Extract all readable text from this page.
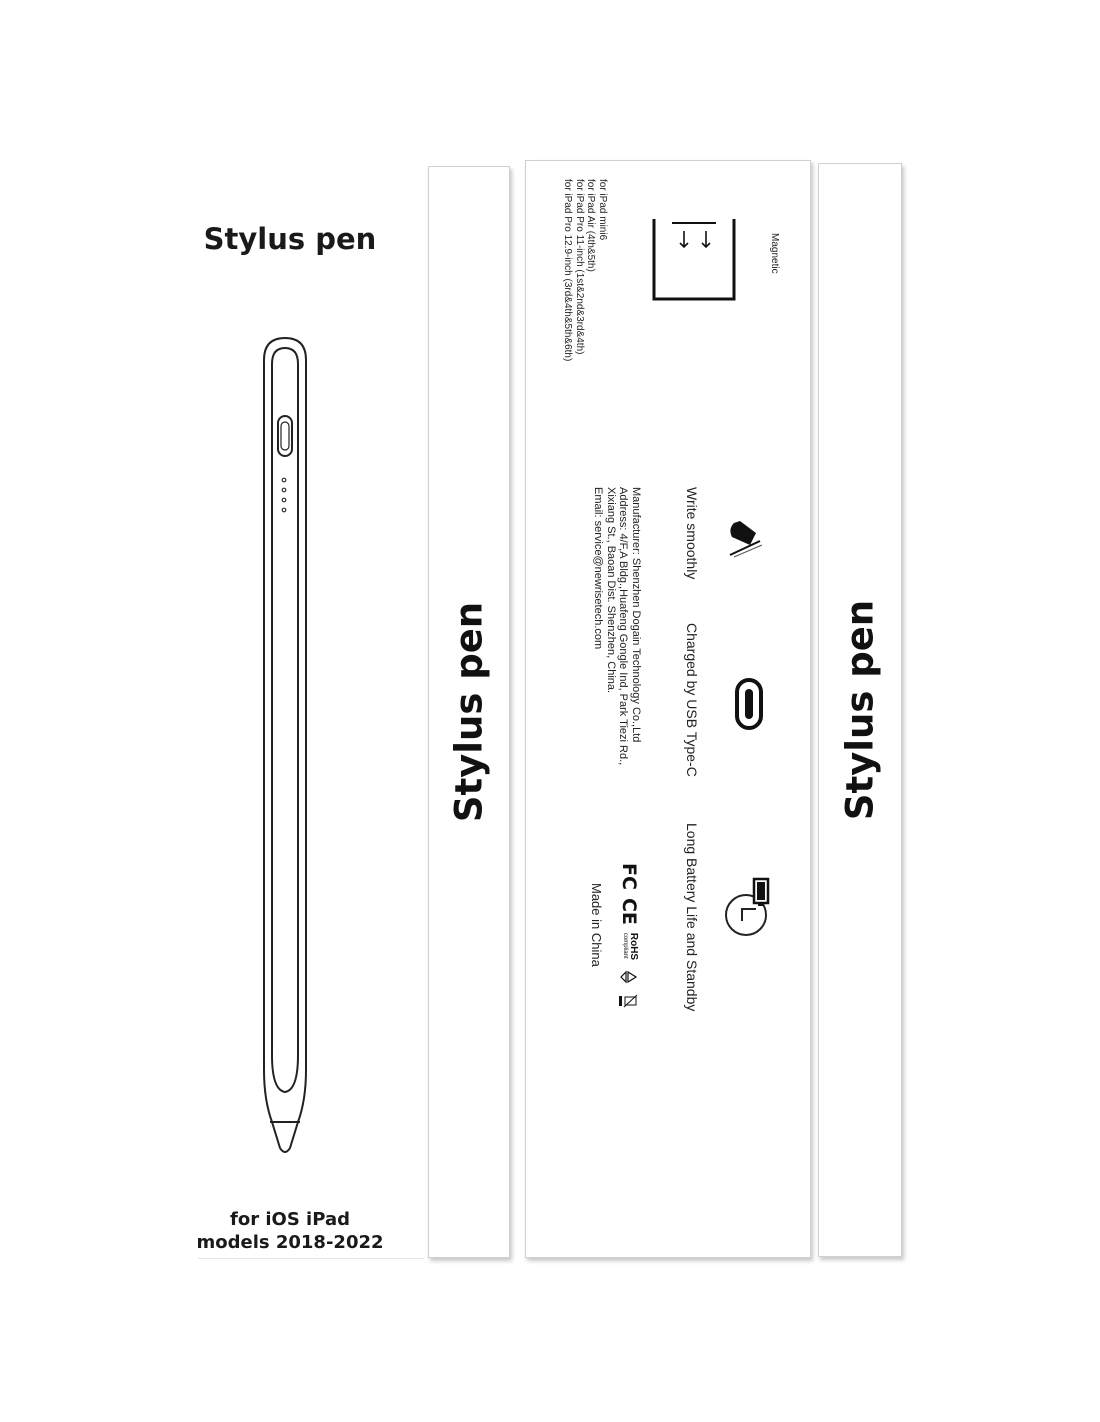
Stylus pen
for iOS iPad
models 2018-2022
Stylus pen
Magnetic
for iPad mini6
for iPad Air (4th&5th)
for iPad Pro 11-inch (1st&2nd&3rd&4th)
for iPad Pro 12.9-inch (3rd&4th&5th&6th)
Write smoothly
Charged by USB Type-C
Long Battery Life and Standby
Manufacturer: Shenzhen Dogain Technology Co.,Ltd
Address: 4/F,A Bldg.,Huafeng Gongle Ind, Park Tiezi Rd.,
Xixiang St., Baoan Dist. Shenzhen, China.
Email: service@newrisetech.com
FC
CE
RoHS
compliant
Made in China
Stylus pen
